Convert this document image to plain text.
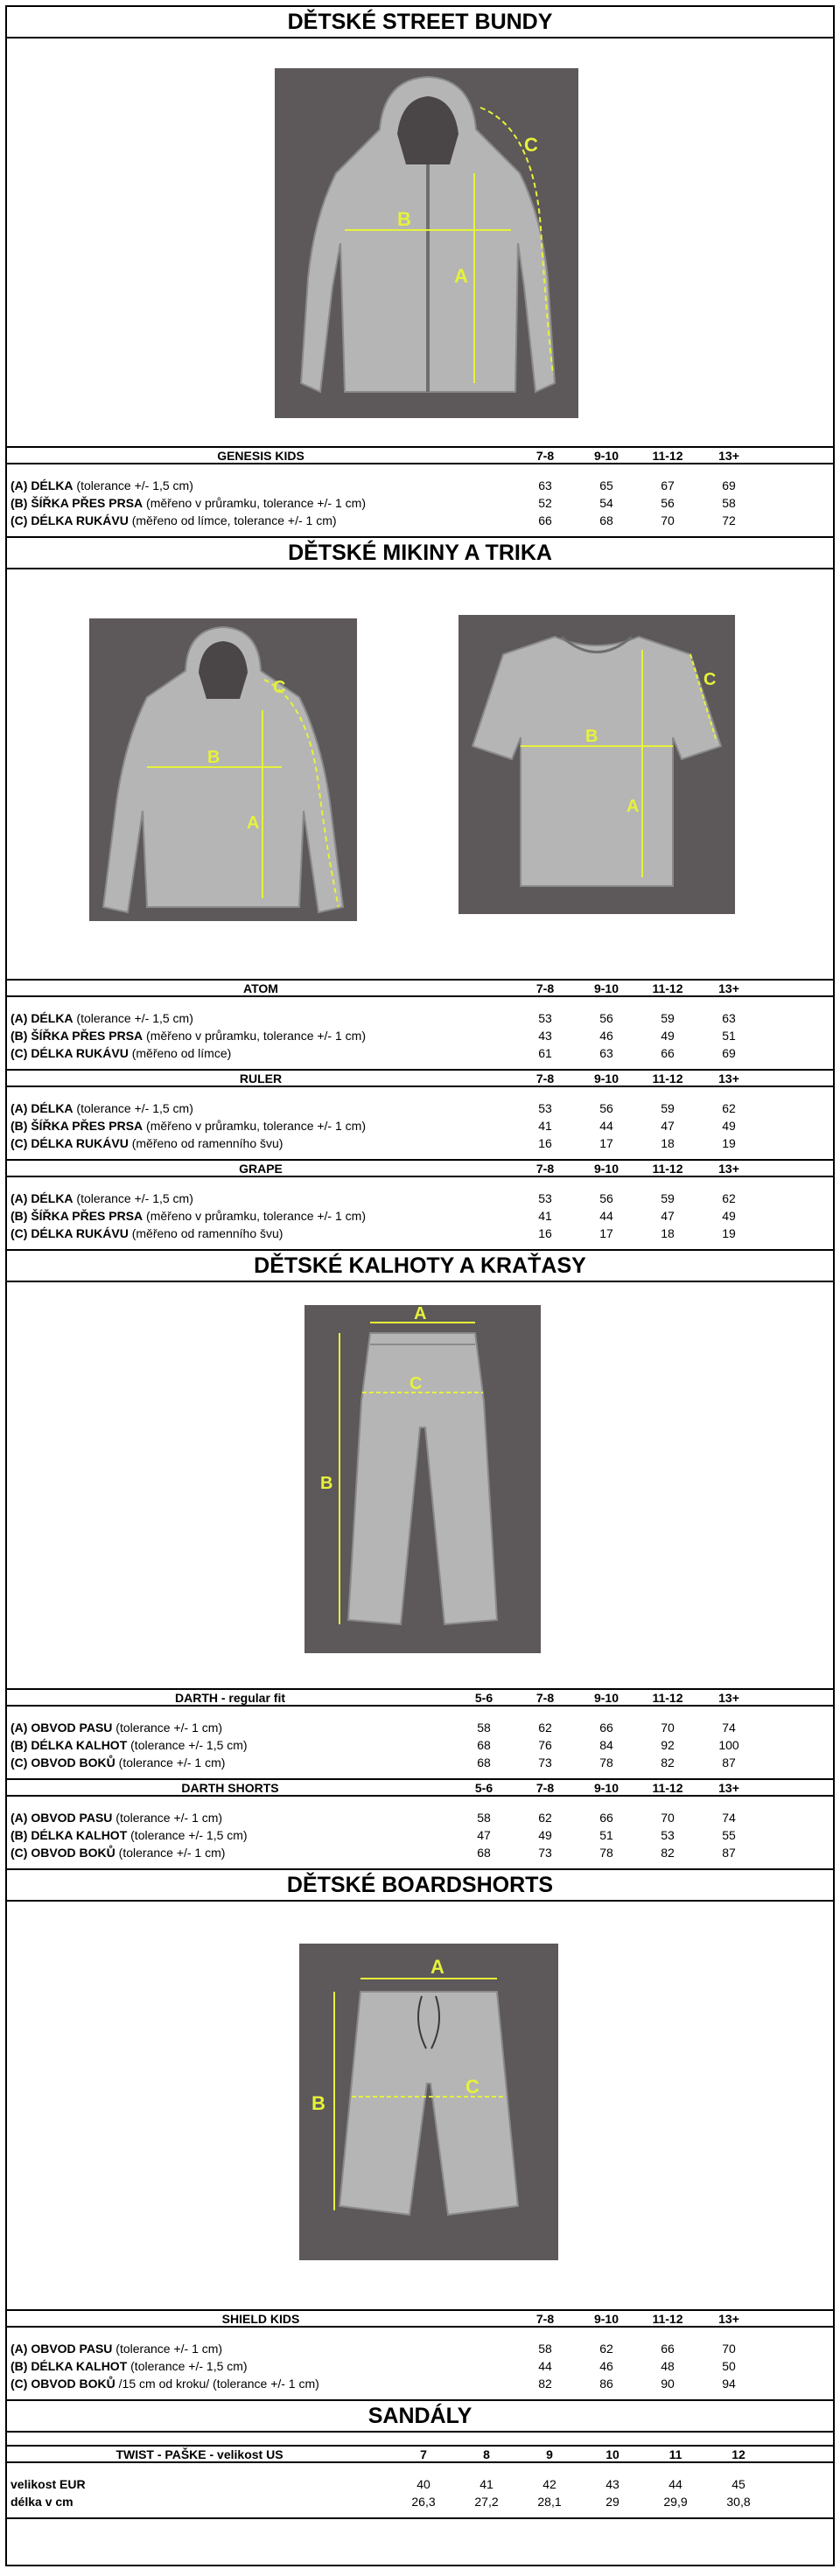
DĚTSKÉ STREET BUNDY
B
A
C
GENESIS KIDS	7-8	9-10	11-12	13+	

(A) DÉLKA (tolerance +/- 1,5 cm)	63	65	67	69	
(B) ŠÍŘKA PŘES PRSA (měřeno v průramku, tolerance +/- 1 cm)	52	54	56	58	
(C) DÉLKA RUKÁVU (měřeno od límce, tolerance +/- 1 cm)	66	68	70	72	

DĚTSKÉ MIKINY A TRIKA
B
A
C
B
A
C
ATOM	7-8	9-10	11-12	13+	

(A) DÉLKA (tolerance +/- 1,5 cm)	53	56	59	63	
(B) ŠÍŘKA PŘES PRSA (měřeno v průramku, tolerance +/- 1 cm)	43	46	49	51	
(C) DÉLKA RUKÁVU (měřeno od límce)	61	63	66	69	

RULER	7-8	9-10	11-12	13+	

(A) DÉLKA (tolerance +/- 1,5 cm)	53	56	59	62	
(B) ŠÍŘKA PŘES PRSA (měřeno v průramku, tolerance +/- 1 cm)	41	44	47	49	
(C) DÉLKA RUKÁVU (měřeno od ramenního švu)	16	17	18	19	

GRAPE	7-8	9-10	11-12	13+	

(A) DÉLKA (tolerance +/- 1,5 cm)	53	56	59	62	
(B) ŠÍŘKA PŘES PRSA (měřeno v průramku, tolerance +/- 1 cm)	41	44	47	49	
(C) DÉLKA RUKÁVU (měřeno od ramenního švu)	16	17	18	19	

DĚTSKÉ KALHOTY A KRAŤASY
A
B
C
DARTH - regular fit	5-6	7-8	9-10	11-12	13+	

(A) OBVOD PASU (tolerance +/- 1 cm)	58	62	66	70	74	
(B) DÉLKA KALHOT (tolerance +/- 1,5 cm)	68	76	84	92	100	
(C) OBVOD BOKŮ (tolerance +/- 1 cm)	68	73	78	82	87	

DARTH SHORTS	5-6	7-8	9-10	11-12	13+	

(A) OBVOD PASU (tolerance +/- 1 cm)	58	62	66	70	74	
(B) DÉLKA KALHOT (tolerance +/- 1,5 cm)	47	49	51	53	55	
(C) OBVOD BOKŮ (tolerance +/- 1 cm)	68	73	78	82	87	

DĚTSKÉ BOARDSHORTS
A
B
C
SHIELD KIDS	7-8	9-10	11-12	13+	

(A) OBVOD PASU (tolerance +/- 1 cm)	58	62	66	70	
(B) DÉLKA KALHOT (tolerance +/- 1,5 cm)	44	46	48	50	
(C) OBVOD BOKŮ /15 cm od kroku/ (tolerance +/- 1 cm)	82	86	90	94	

SANDÁLY
TWIST - PAŠKE - velikost US	7	8	9	10	11	12	

velikost EUR	40	41	42	43	44	45	
délka v cm	26,3	27,2	28,1	29	29,9	30,8	
